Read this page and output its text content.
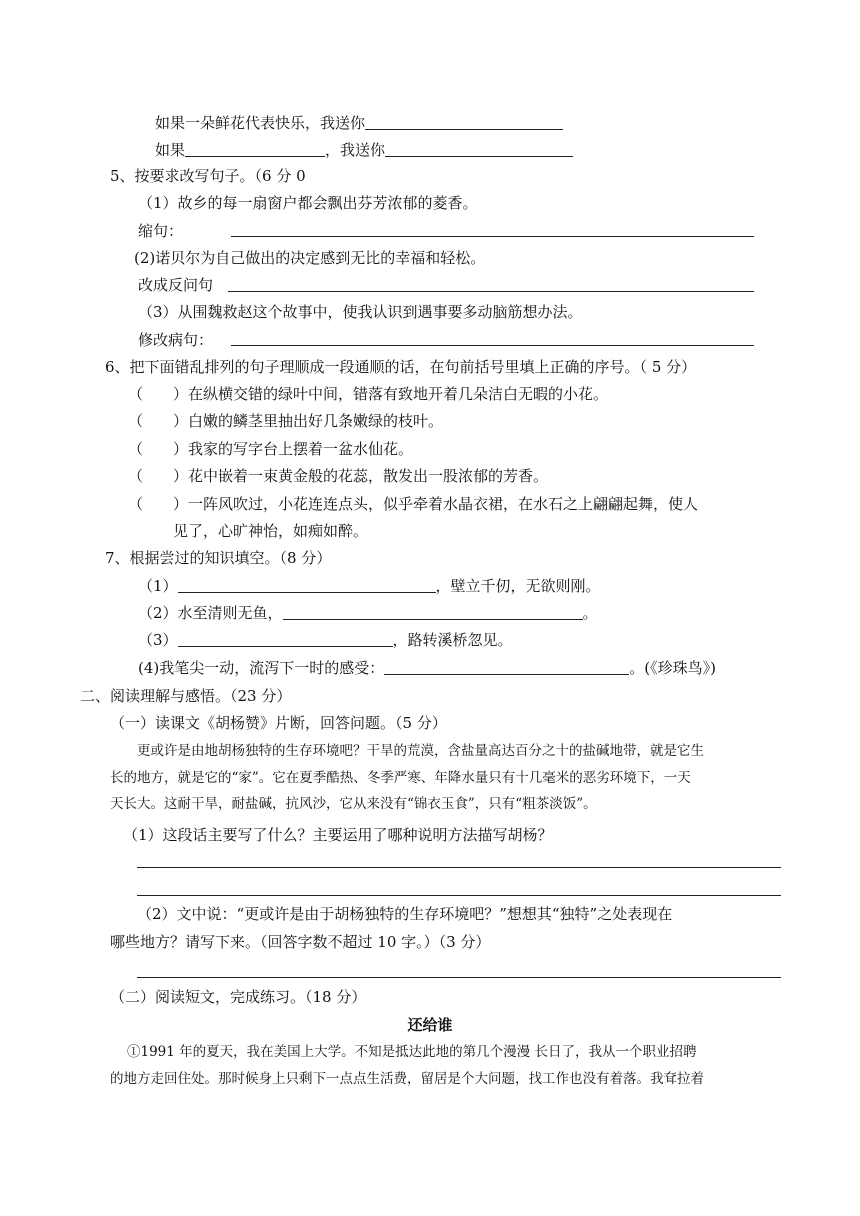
如果一朵鲜花代表快乐，我送你
如果	，我送你
5、按要求改写句子。（6 分 0
（1）故乡的每一扇窗户都会飘出芬芳浓郁的菱香。
缩句：
(2)诺贝尔为自己做出的决定感到无比的幸福和轻松。
改成反问句
（3）从围魏救赵这个故事中，使我认识到遇事要多动脑筋想办法。
修改病句：
6、把下面错乱排列的句子理顺成一段通顺的话，在句前括号里填上正确的序号。（ 5 分）
（　　）在纵横交错的绿叶中间，错落有致地开着几朵洁白无暇的小花。
（　　）白嫩的鳞茎里抽出好几条嫩绿的枝叶。
（　　）我家的写字台上摆着一盆水仙花。
（　　）花中嵌着一束黄金般的花蕊，散发出一股浓郁的芳香。
（　　）一阵风吹过，小花连连点头，似乎牵着水晶衣裙，在水石之上翩翩起舞，使人
见了，心旷神怡，如痴如醉。
7、根据尝过的知识填空。（8 分）
（1）	，壁立千仞，无欲则刚。
（2）水至清则无鱼，	。
（3）	，路转溪桥忽见。
(4)我笔尖一动，流泻下一时的感受：	。(《珍珠鸟》)
二、阅读理解与感悟。（23 分）
（一）读课文《胡杨赞》片断，回答问题。（5 分）
更或许是由地胡杨独特的生存环境吧？干旱的荒漠，含盐量高达百分之十的盐碱地带，就是它生
长的地方，就是它的“家”。它在夏季酷热、冬季严寒、年降水量只有十几毫米的恶劣环境下，一天
天长大。这耐干旱，耐盐碱，抗风沙，它从来没有“锦衣玉食”，只有“粗茶淡饭”。
（1）这段话主要写了什么？主要运用了哪种说明方法描写胡杨？
（2）文中说：“更或许是由于胡杨独特的生存环境吧？”想想其“独特”之处表现在
哪些地方？请写下来。（回答字数不超过 10 字。）（3 分）
（二）阅读短文，完成练习。（18 分）
还给谁
①1991 年的夏天，我在美国上大学。不知是抵达此地的第几个漫漫 长日了，我从一个职业招聘
的地方走回住处。那时候身上只剩下一点点生活费，留居是个大问题，找工作也没有着落。我耷拉着
